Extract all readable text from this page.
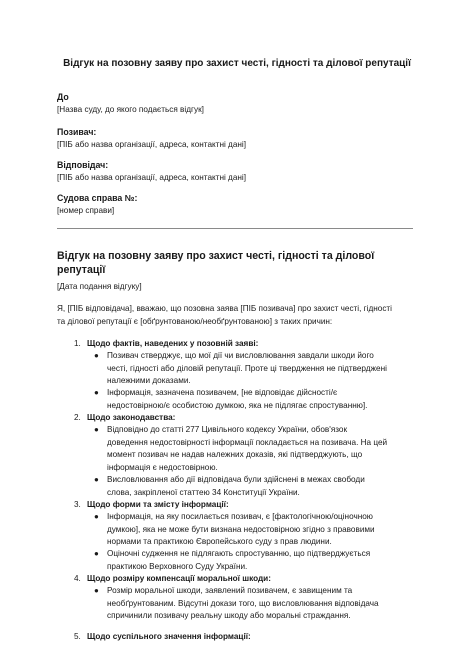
Відгук на позовну заяву про захист честі, гідності та ділової репутації
До
[Назва суду, до якого подається відгук]
Позивач:
[ПІБ або назва організації, адреса, контактні дані]
Відповідач:
[ПІБ або назва організації, адреса, контактні дані]
Судова справа №:
[номер справи]
Відгук на позовну заяву про захист честі, гідності та ділової
репутації
[Дата подання відгуку]
Я, [ПІБ відповідача], вважаю, що позовна заява [ПІБ позивача] про захист честі, гідності
та ділової репутації є [обґрунтованою/необґрунтованою] з таких причин:
1. Щодо фактів, наведених у позовній заяві:
● Позивач стверджує, що мої дії чи висловлювання завдали шкоди його
честі, гідності або діловій репутації. Проте ці твердження не підтверджені
належними доказами.
● Інформація, зазначена позивачем, [не відповідає дійсності/є
недостовірною/є особистою думкою, яка не підлягає спростуванню].
2. Щодо законодавства:
● Відповідно до статті 277 Цивільного кодексу України, обов'язок
доведення недостовірності інформації покладається на позивача. На цей
момент позивач не надав належних доказів, які підтверджують, що
інформація є недостовірною.
● Висловлювання або дії відповідача були здійснені в межах свободи
слова, закріпленої статтею 34 Конституції України.
3. Щодо форми та змісту інформації:
● Інформація, на яку посилається позивач, є [фактологічною/оціночною
думкою], яка не може бути визнана недостовірною згідно з правовими
нормами та практикою Європейського суду з прав людини.
● Оціночні судження не підлягають спростуванню, що підтверджується
практикою Верховного Суду України.
4. Щодо розміру компенсації моральної шкоди:
● Розмір моральної шкоди, заявлений позивачем, є завищеним та
необґрунтованим. Відсутні докази того, що висловлювання відповідача
спричинили позивачу реальну шкоду або моральні страждання.
5. Щодо суспільного значення інформації:
